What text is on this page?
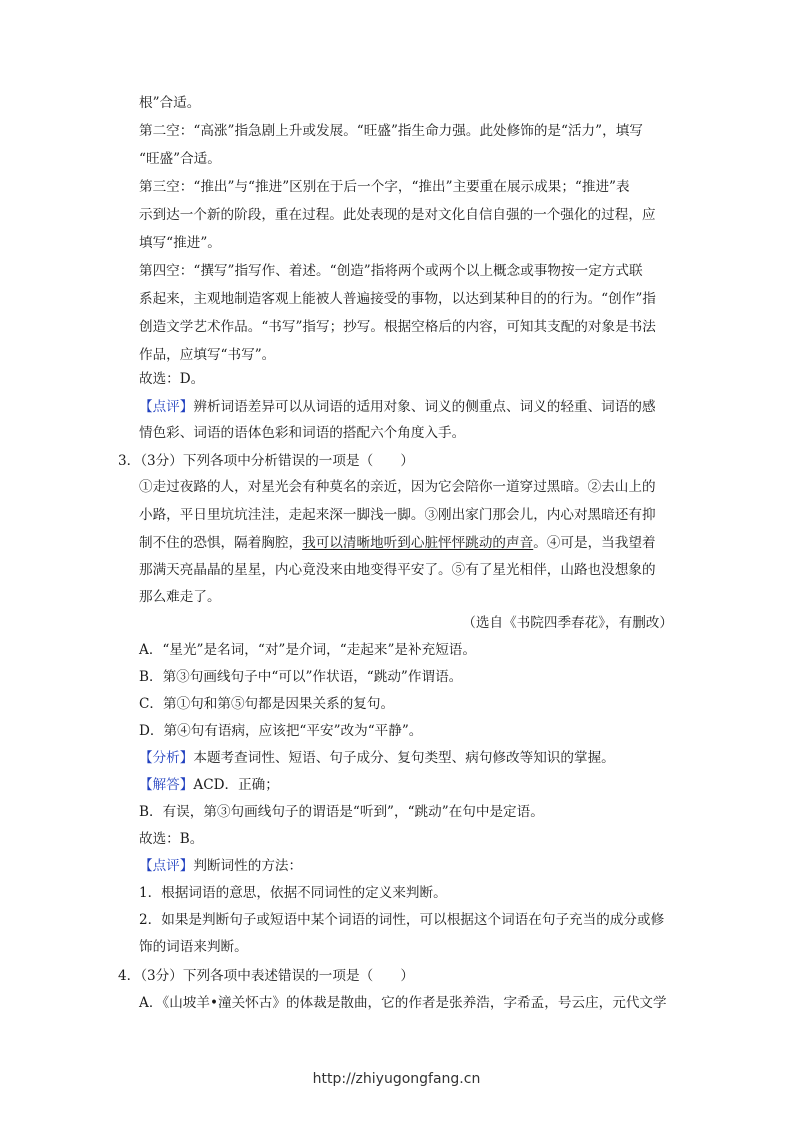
根”合适。
第二空：“高涨”指急剧上升或发展。“旺盛”指生命力强。此处修饰的是“活力”，填写
“旺盛”合适。
第三空：“推出”与“推进”区别在于后一个字，“推出”主要重在展示成果；“推进”表
示到达一个新的阶段，重在过程。此处表现的是对文化自信自强的一个强化的过程，应
填写“推进”。
第四空：“撰写”指写作、着述。“创造”指将两个或两个以上概念或事物按一定方式联
系起来，主观地制造客观上能被人普遍接受的事物，以达到某种目的的行为。“创作”指
创造文学艺术作品。“书写”指写；抄写。根据空格后的内容，可知其支配的对象是书法
作品，应填写“书写”。
故选：D。
【点评】辨析词语差异可以从词语的适用对象、词义的侧重点、词义的轻重、词语的感
情色彩、词语的语体色彩和词语的搭配六个角度入手。
3．（3分）下列各项中分析错误的一项是（　　）
①走过夜路的人，对星光会有种莫名的亲近，因为它会陪你一道穿过黑暗。②去山上的
小路，平日里坑坑洼洼，走起来深一脚浅一脚。③刚出家门那会儿，内心对黑暗还有抑
制不住的恐惧，隔着胸腔，我可以清晰地听到心脏怦怦跳动的声音。④可是，当我望着
那满天亮晶晶的星星，内心竟没来由地变得平安了。⑤有了星光相伴，山路也没想象的
那么难走了。
（选自《书院四季春花》，有删改）
A．“星光”是名词，“对”是介词，“走起来”是补充短语。
B．第③句画线句子中“可以”作状语，“跳动”作谓语。
C．第①句和第⑤句都是因果关系的复句。
D．第④句有语病，应该把“平安”改为“平静”。
【分析】本题考查词性、短语、句子成分、复句类型、病句修改等知识的掌握。
【解答】ACD．正确；
B．有误，第③句画线句子的谓语是“听到”，“跳动”在句中是定语。
故选：B。
【点评】判断词性的方法：
1．根据词语的意思，依据不同词性的定义来判断。
2．如果是判断句子或短语中某个词语的词性，可以根据这个词语在句子充当的成分或修
饰的词语来判断。
4．（3分）下列各项中表述错误的一项是（　　）
A．《山坡羊•潼关怀古》的体裁是散曲，它的作者是张养浩，字希孟，号云庄，元代文学
http://zhiyugongfang.cn
